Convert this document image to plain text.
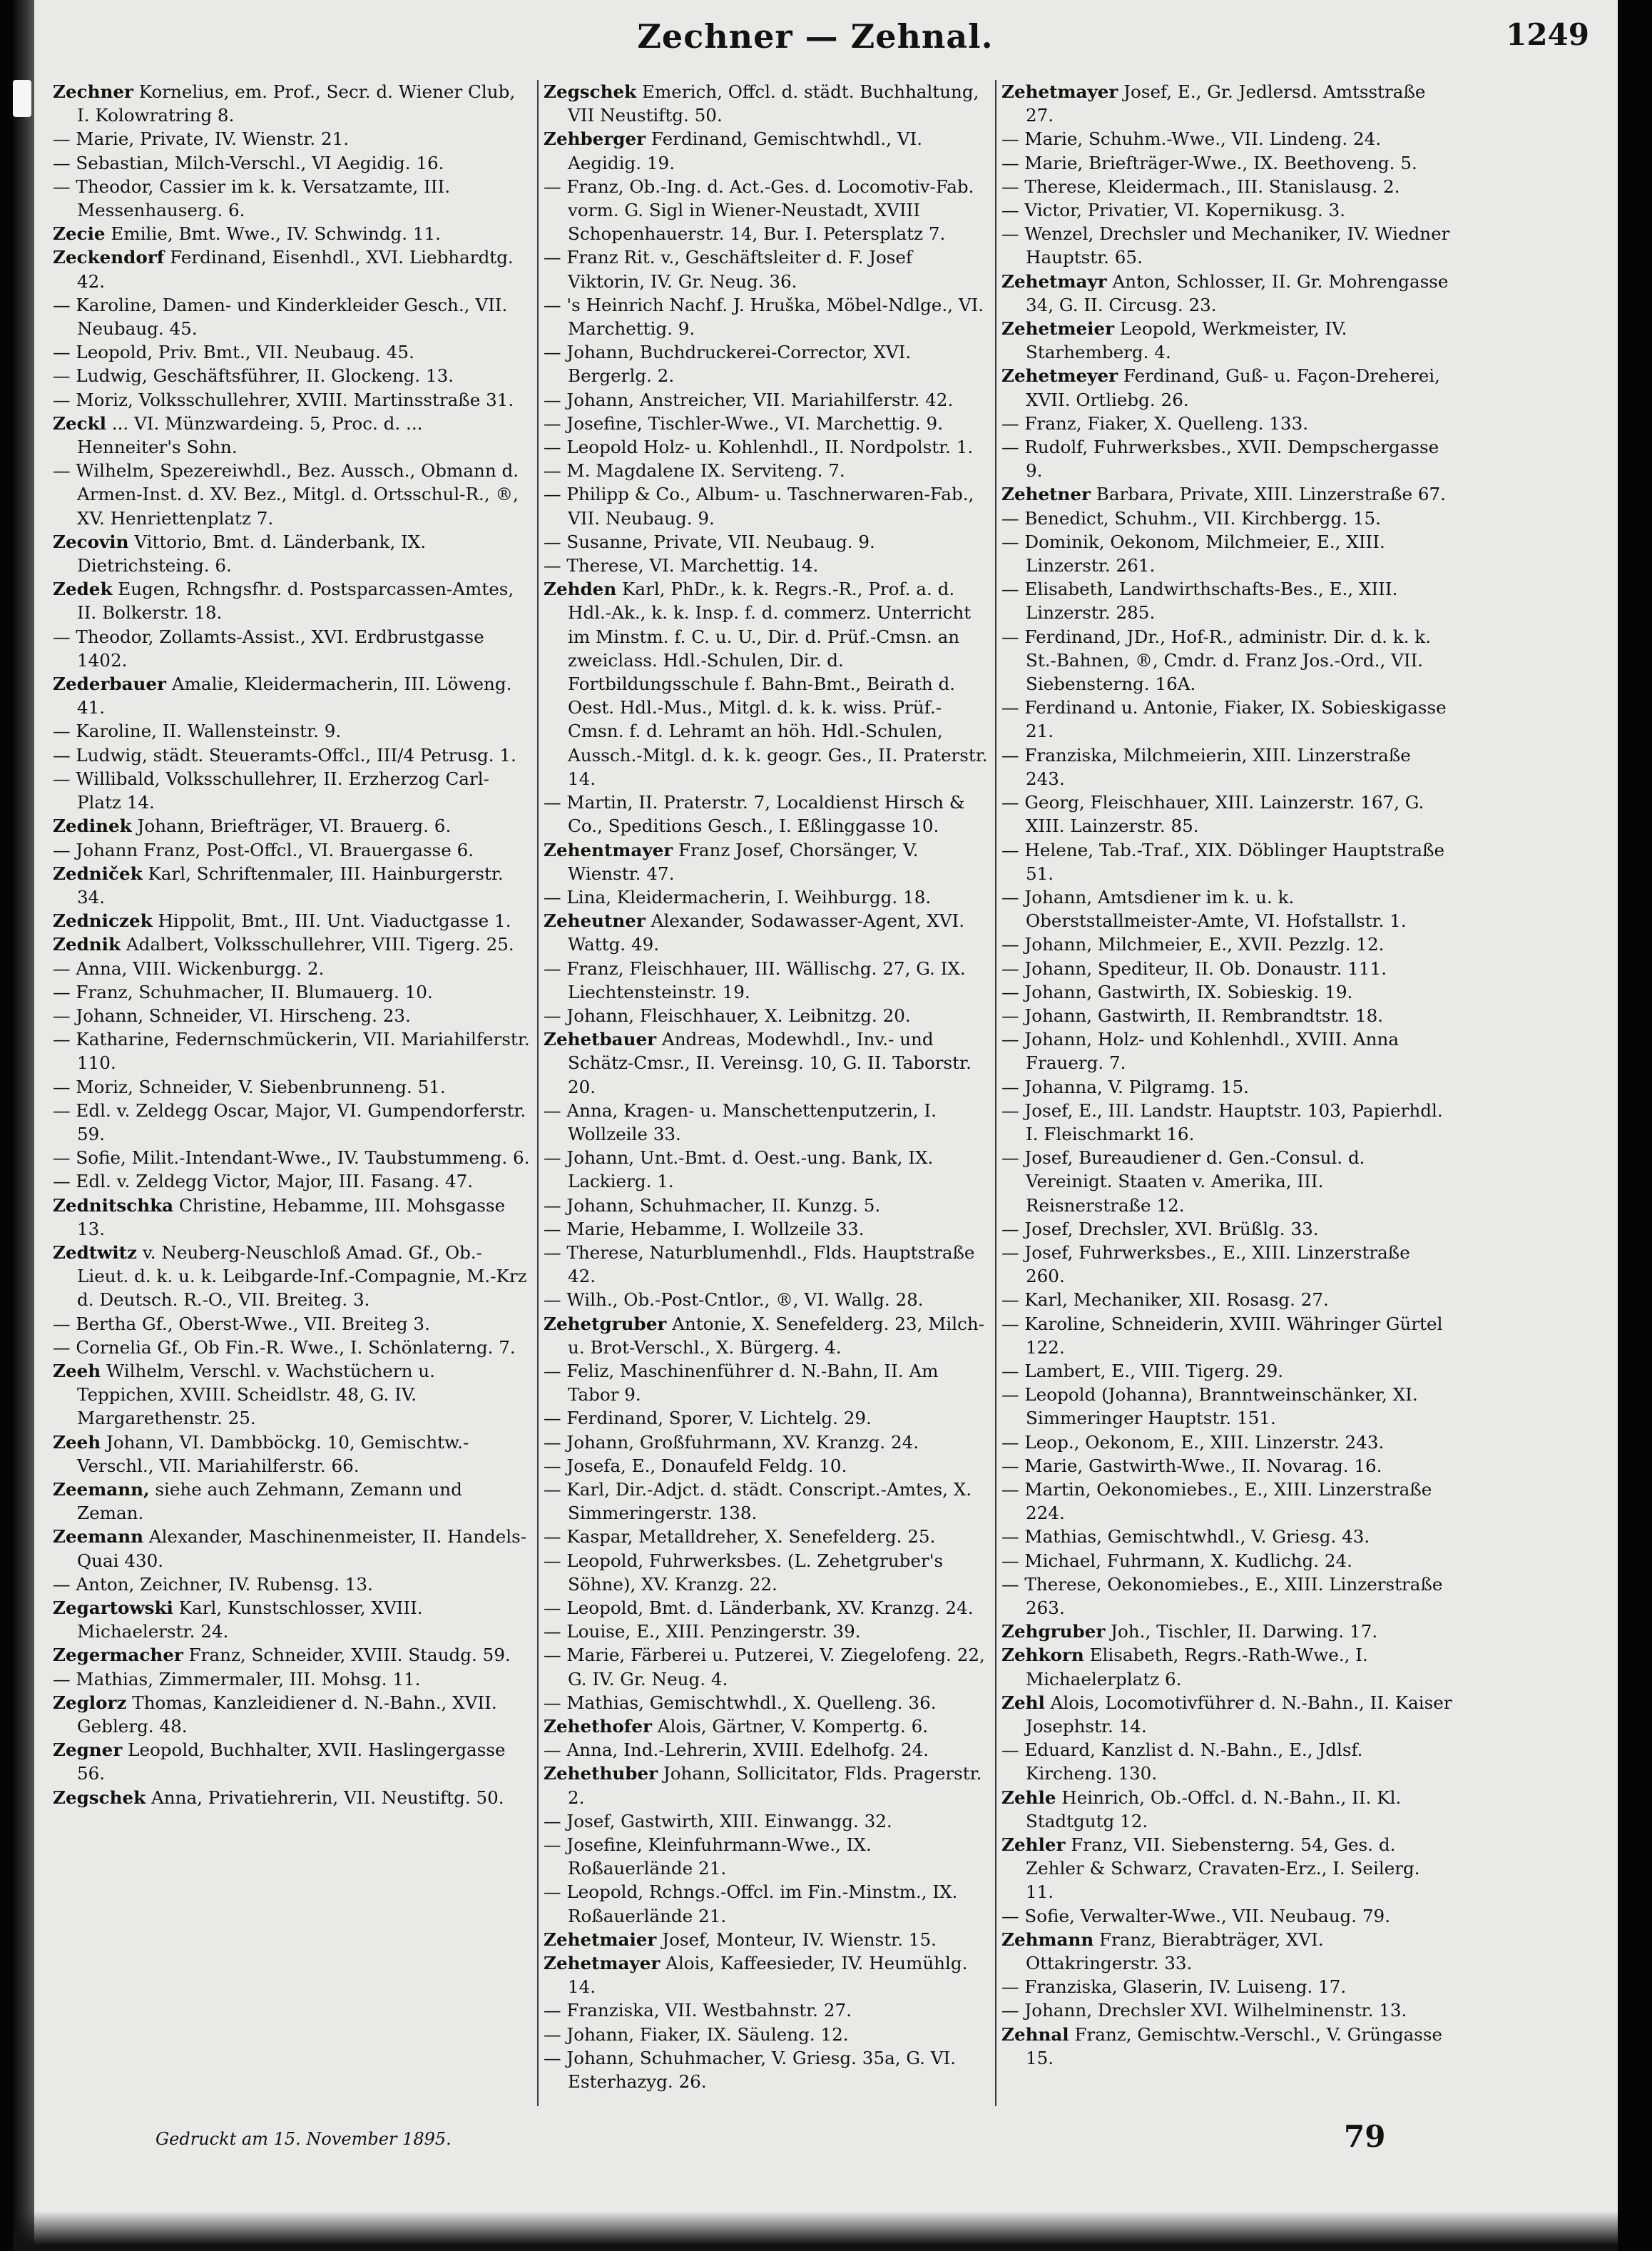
Zechner — Zehnal.	1249

Zechner Kornelius, em. Prof., Secr. d. Wiener Club, I. Kolowratring 8.

— Marie, Private, IV. Wienstr. 21.

— Sebastian, Milch-Verschl., VI Aegidig. 16.

— Theodor, Cassier im k. k. Versatzamte, III. Messenhauserg. 6.

Zecie Emilie, Bmt. Wwe., IV. Schwindg. 11.

Zeckendorf Ferdinand, Eisenhdl., XVI. Liebhardtg. 42.

— Karoline, Damen- und Kinderkleider Gesch., VII. Neubaug. 45.

— Leopold, Priv. Bmt., VII. Neubaug. 45.

— Ludwig, Geschäftsführer, II. Glockeng. 13.

— Moriz, Volksschullehrer, XVIII. Martinsstraße 31.

Zeckl ... VI. Münzwardeing. 5, Proc. d. ... Henneiter's Sohn.

— Wilhelm, Spezereiwhdl., Bez. Aussch., Obmann d. Armen-Inst. d. XV. Bez., Mitgl. d. Ortsschul-R., ®, XV. Henriettenplatz 7.

Zecovin Vittorio, Bmt. d. Länderbank, IX. Dietrichsteing. 6.

Zedek Eugen, Rchngsfhr. d. Postsparcassen-Amtes, II. Bolkerstr. 18.

— Theodor, Zollamts-Assist., XVI. Erdbrustgasse 1402.

Zederbauer Amalie, Kleidermacherin, III. Löweng. 41.

— Karoline, II. Wallensteinstr. 9.

— Ludwig, städt. Steueramts-Offcl., III/4 Petrusg. 1.

— Willibald, Volksschullehrer, II. Erzherzog Carl-Platz 14.

Zedinek Johann, Briefträger, VI. Brauerg. 6.

— Johann Franz, Post-Offcl., VI. Brauergasse 6.

Zedniček Karl, Schriftenmaler, III. Hainburgerstr. 34.

Zedniczek Hippolit, Bmt., III. Unt. Viaductgasse 1.

Zednik Adalbert, Volksschullehrer, VIII. Tigerg. 25.

— Anna, VIII. Wickenburgg. 2.

— Franz, Schuhmacher, II. Blumauerg. 10.

— Johann, Schneider, VI. Hirscheng. 23.

— Katharine, Federnschmückerin, VII. Mariahilferstr. 110.

— Moriz, Schneider, V. Siebenbrunneng. 51.

— Edl. v. Zeldegg Oscar, Major, VI. Gumpendorferstr. 59.

— Sofie, Milit.-Intendant-Wwe., IV. Taubstummeng. 6.

— Edl. v. Zeldegg Victor, Major, III. Fasang. 47.

Zednitschka Christine, Hebamme, III. Mohsgasse 13.

Zedtwitz v. Neuberg-Neuschloß Amad. Gf., Ob.-Lieut. d. k. u. k. Leibgarde-Inf.-Compagnie, M.-Krz d. Deutsch. R.-O., VII. Breiteg. 3.

— Bertha Gf., Oberst-Wwe., VII. Breiteg 3.

— Cornelia Gf., Ob Fin.-R. Wwe., I. Schönlaterng. 7.

Zeeh Wilhelm, Verschl. v. Wachstüchern u. Teppichen, XVIII. Scheidlstr. 48, G. IV. Margarethenstr. 25.

Zeeh Johann, VI. Dambböckg. 10, Gemischtw.-Verschl., VII. Mariahilferstr. 66.

Zeemann, siehe auch Zehmann, Zemann und Zeman.

Zeemann Alexander, Maschinenmeister, II. Handels-Quai 430.

— Anton, Zeichner, IV. Rubensg. 13.

Zegartowski Karl, Kunstschlosser, XVIII. Michaelerstr. 24.

Zegermacher Franz, Schneider, XVIII. Staudg. 59.

— Mathias, Zimmermaler, III. Mohsg. 11.

Zeglorz Thomas, Kanzleidiener d. N.-Bahn., XVII. Geblerg. 48.

Zegner Leopold, Buchhalter, XVII. Haslingergasse 56.

Zegschek Anna, Privatiehrerin, VII. Neustiftg. 50.

Zegschek Emerich, Offcl. d. städt. Buchhaltung, VII Neustiftg. 50.

Zehberger Ferdinand, Gemischtwhdl., VI. Aegidig. 19.

— Franz, Ob.-Ing. d. Act.-Ges. d. Locomotiv-Fab. vorm. G. Sigl in Wiener-Neustadt, XVIII Schopenhauerstr. 14, Bur. I. Petersplatz 7.

— Franz Rit. v., Geschäftsleiter d. F. Josef Viktorin, IV. Gr. Neug. 36.

— 's Heinrich Nachf. J. Hruška, Möbel-Ndlge., VI. Marchettig. 9.

— Johann, Buchdruckerei-Corrector, XVI. Bergerlg. 2.

— Johann, Anstreicher, VII. Mariahilferstr. 42.

— Josefine, Tischler-Wwe., VI. Marchettig. 9.

— Leopold Holz- u. Kohlenhdl., II. Nordpolstr. 1.

— M. Magdalene IX. Serviteng. 7.

— Philipp & Co., Album- u. Taschnerwaren-Fab., VII. Neubaug. 9.

— Susanne, Private, VII. Neubaug. 9.

— Therese, VI. Marchettig. 14.

Zehden Karl, PhDr., k. k. Regrs.-R., Prof. a. d. Hdl.-Ak., k. k. Insp. f. d. commerz. Unterricht im Minstm. f. C. u. U., Dir. d. Prüf.-Cmsn. an zweiclass. Hdl.-Schulen, Dir. d. Fortbildungsschule f. Bahn-Bmt., Beirath d. Oest. Hdl.-Mus., Mitgl. d. k. k. wiss. Prüf.-Cmsn. f. d. Lehramt an höh. Hdl.-Schulen, Aussch.-Mitgl. d. k. k. geogr. Ges., II. Praterstr. 14.

— Martin, II. Praterstr. 7, Localdienst Hirsch & Co., Speditions Gesch., I. Eßlinggasse 10.

Zehentmayer Franz Josef, Chorsänger, V. Wienstr. 47.

— Lina, Kleidermacherin, I. Weihburgg. 18.

Zeheutner Alexander, Sodawasser-Agent, XVI. Wattg. 49.

— Franz, Fleischhauer, III. Wällischg. 27, G. IX. Liechtensteinstr. 19.

— Johann, Fleischhauer, X. Leibnitzg. 20.

Zehetbauer Andreas, Modewhdl., Inv.- und Schätz-Cmsr., II. Vereinsg. 10, G. II. Taborstr. 20.

— Anna, Kragen- u. Manschettenputzerin, I. Wollzeile 33.

— Johann, Unt.-Bmt. d. Oest.-ung. Bank, IX. Lackierg. 1.

— Johann, Schuhmacher, II. Kunzg. 5.

— Marie, Hebamme, I. Wollzeile 33.

— Therese, Naturblumenhdl., Flds. Hauptstraße 42.

— Wilh., Ob.-Post-Cntlor., ®, VI. Wallg. 28.

Zehetgruber Antonie, X. Senefelderg. 23, Milch- u. Brot-Verschl., X. Bürgerg. 4.

— Feliz, Maschinenführer d. N.-Bahn, II. Am Tabor 9.

— Ferdinand, Sporer, V. Lichtelg. 29.

— Johann, Großfuhrmann, XV. Kranzg. 24.

— Josefa, E., Donaufeld Feldg. 10.

— Karl, Dir.-Adjct. d. städt. Conscript.-Amtes, X. Simmeringerstr. 138.

— Kaspar, Metalldreher, X. Senefelderg. 25.

— Leopold, Fuhrwerksbes. (L. Zehetgruber's Söhne), XV. Kranzg. 22.

— Leopold, Bmt. d. Länderbank, XV. Kranzg. 24.

— Louise, E., XIII. Penzingerstr. 39.

— Marie, Färberei u. Putzerei, V. Ziegelofeng. 22, G. IV. Gr. Neug. 4.

— Mathias, Gemischtwhdl., X. Quelleng. 36.

Zehethofer Alois, Gärtner, V. Kompertg. 6.

— Anna, Ind.-Lehrerin, XVIII. Edelhofg. 24.

Zehethuber Johann, Sollicitator, Flds. Pragerstr. 2.

— Josef, Gastwirth, XIII. Einwangg. 32.

— Josefine, Kleinfuhrmann-Wwe., IX. Roßauerlände 21.

— Leopold, Rchngs.-Offcl. im Fin.-Minstm., IX. Roßauerlände 21.

Zehetmaier Josef, Monteur, IV. Wienstr. 15.

Zehetmayer Alois, Kaffeesieder, IV. Heumühlg. 14.

— Franziska, VII. Westbahnstr. 27.

— Johann, Fiaker, IX. Säuleng. 12.

— Johann, Schuhmacher, V. Griesg. 35a, G. VI. Esterhazyg. 26.

Zehetmayer Josef, E., Gr. Jedlersd. Amtsstraße 27.

— Marie, Schuhm.-Wwe., VII. Lindeng. 24.

— Marie, Briefträger-Wwe., IX. Beethoveng. 5.

— Therese, Kleidermach., III. Stanislausg. 2.

— Victor, Privatier, VI. Kopernikusg. 3.

— Wenzel, Drechsler und Mechaniker, IV. Wiedner Hauptstr. 65.

Zehetmayr Anton, Schlosser, II. Gr. Mohrengasse 34, G. II. Circusg. 23.

Zehetmeier Leopold, Werkmeister, IV. Starhemberg. 4.

Zehetmeyer Ferdinand, Guß- u. Façon-Dreherei, XVII. Ortliebg. 26.

— Franz, Fiaker, X. Quelleng. 133.

— Rudolf, Fuhrwerksbes., XVII. Dempschergasse 9.

Zehetner Barbara, Private, XIII. Linzerstraße 67.

— Benedict, Schuhm., VII. Kirchbergg. 15.

— Dominik, Oekonom, Milchmeier, E., XIII. Linzerstr. 261.

— Elisabeth, Landwirthschafts-Bes., E., XIII. Linzerstr. 285.

— Ferdinand, JDr., Hof-R., administr. Dir. d. k. k. St.-Bahnen, ®, Cmdr. d. Franz Jos.-Ord., VII. Siebensterng. 16A.

— Ferdinand u. Antonie, Fiaker, IX. Sobieskigasse 21.

— Franziska, Milchmeierin, XIII. Linzerstraße 243.

— Georg, Fleischhauer, XIII. Lainzerstr. 167, G. XIII. Lainzerstr. 85.

— Helene, Tab.-Traf., XIX. Döblinger Hauptstraße 51.

— Johann, Amtsdiener im k. u. k. Oberststallmeister-Amte, VI. Hofstallstr. 1.

— Johann, Milchmeier, E., XVII. Pezzlg. 12.

— Johann, Spediteur, II. Ob. Donaustr. 111.

— Johann, Gastwirth, IX. Sobieskig. 19.

— Johann, Gastwirth, II. Rembrandtstr. 18.

— Johann, Holz- und Kohlenhdl., XVIII. Anna Frauerg. 7.

— Johanna, V. Pilgramg. 15.

— Josef, E., III. Landstr. Hauptstr. 103, Papierhdl. I. Fleischmarkt 16.

— Josef, Bureaudiener d. Gen.-Consul. d. Vereinigt. Staaten v. Amerika, III. Reisnerstraße 12.

— Josef, Drechsler, XVI. Brüßlg. 33.

— Josef, Fuhrwerksbes., E., XIII. Linzerstraße 260.

— Karl, Mechaniker, XII. Rosasg. 27.

— Karoline, Schneiderin, XVIII. Währinger Gürtel 122.

— Lambert, E., VIII. Tigerg. 29.

— Leopold (Johanna), Branntweinschänker, XI. Simmeringer Hauptstr. 151.

— Leop., Oekonom, E., XIII. Linzerstr. 243.

— Marie, Gastwirth-Wwe., II. Novarag. 16.

— Martin, Oekonomiebes., E., XIII. Linzerstraße 224.

— Mathias, Gemischtwhdl., V. Griesg. 43.

— Michael, Fuhrmann, X. Kudlichg. 24.

— Therese, Oekonomiebes., E., XIII. Linzerstraße 263.

Zehgruber Joh., Tischler, II. Darwing. 17.

Zehkorn Elisabeth, Regrs.-Rath-Wwe., I. Michaelerplatz 6.

Zehl Alois, Locomotivführer d. N.-Bahn., II. Kaiser Josephstr. 14.

— Eduard, Kanzlist d. N.-Bahn., E., Jdlsf. Kircheng. 130.

Zehle Heinrich, Ob.-Offcl. d. N.-Bahn., II. Kl. Stadtgutg 12.

Zehler Franz, VII. Siebensterng. 54, Ges. d. Zehler & Schwarz, Cravaten-Erz., I. Seilerg. 11.

— Sofie, Verwalter-Wwe., VII. Neubaug. 79.

Zehmann Franz, Bierabträger, XVI. Ottakringerstr. 33.

— Franziska, Glaserin, IV. Luiseng. 17.

— Johann, Drechsler XVI. Wilhelminenstr. 13.

Zehnal Franz, Gemischtw.-Verschl., V. Grüngasse 15.

Gedruckt am 15. November 1895.	79
